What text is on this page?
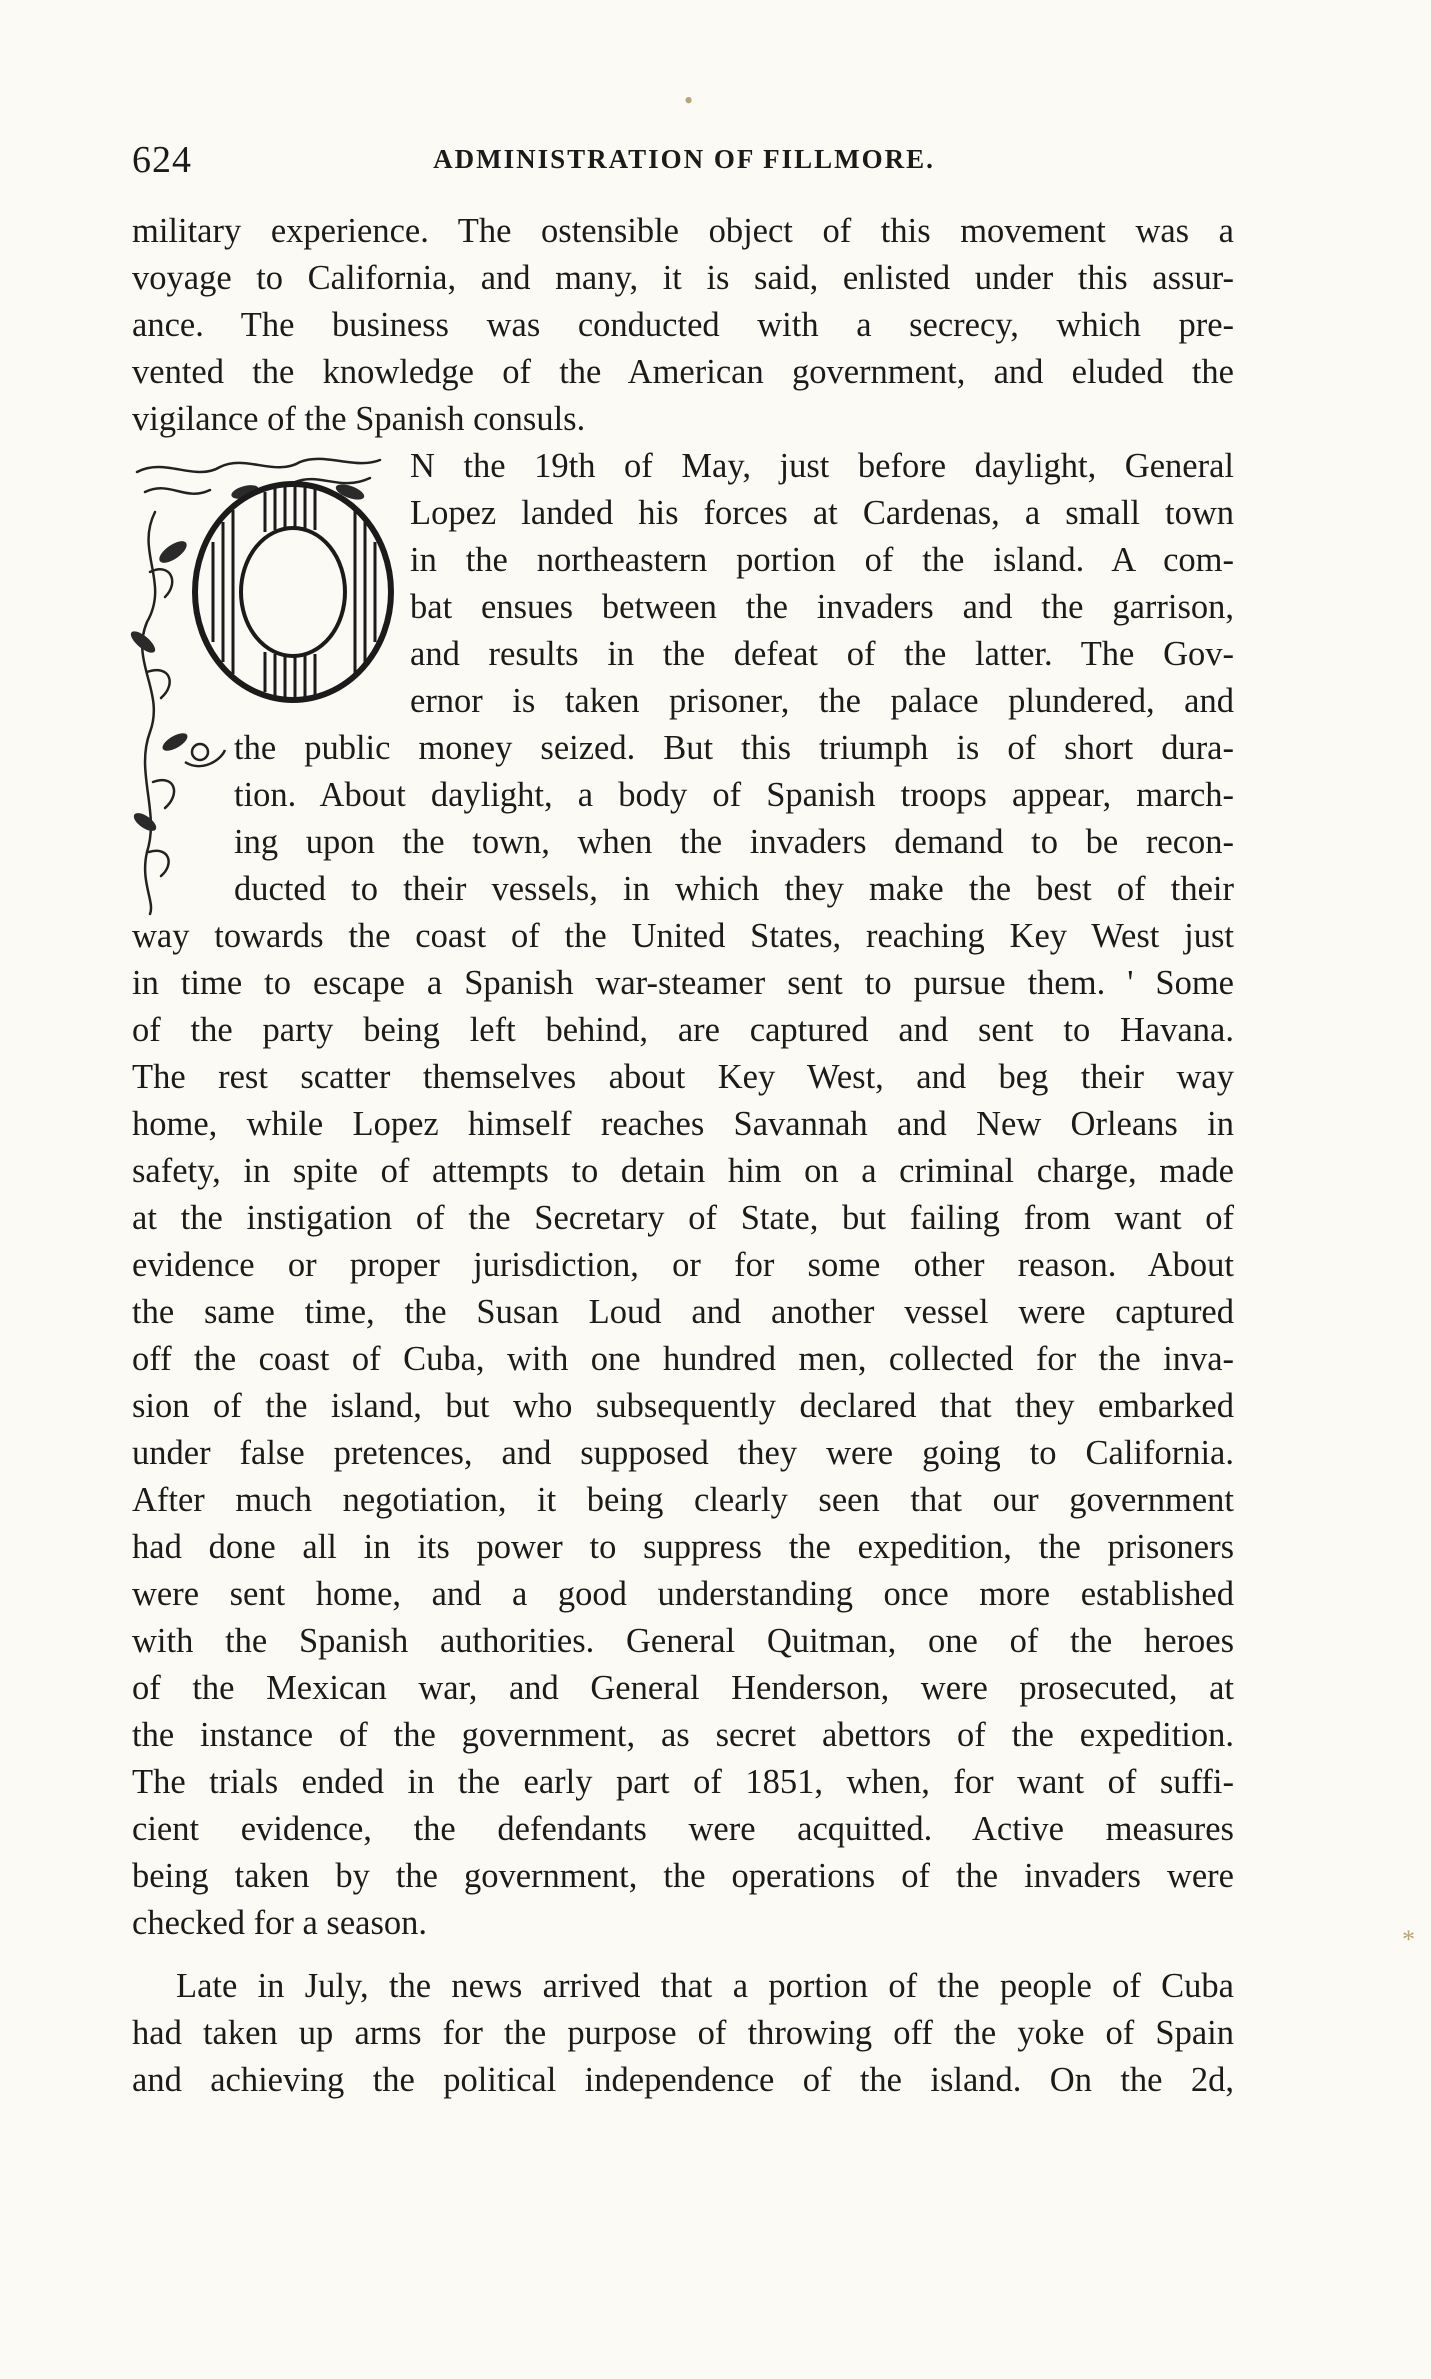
624	ADMINISTRATION OF FILLMORE.
military experience. The ostensible object of this movement was a
voyage to California, and many, it is said, enlisted under this assur-
ance. The business was conducted with a secrecy, which pre-
vented the knowledge of the American government, and eluded the
vigilance of the Spanish consuls.
N the 19th of May, just before daylight, General
Lopez landed his forces at Cardenas, a small town
in the northeastern portion of the island. A com-
bat ensues between the invaders and the garrison,
and results in the defeat of the latter. The Gov-
ernor is taken prisoner, the palace plundered, and
the public money seized. But this triumph is of short dura-
tion. About daylight, a body of Spanish troops appear, march-
ing upon the town, when the invaders demand to be recon-
ducted to their vessels, in which they make the best of their
way towards the coast of the United States, reaching Key West just
in time to escape a Spanish war-steamer sent to pursue them. ' Some
of the party being left behind, are captured and sent to Havana.
The rest scatter themselves about Key West, and beg their way
home, while Lopez himself reaches Savannah and New Orleans in
safety, in spite of attempts to detain him on a criminal charge, made
at the instigation of the Secretary of State, but failing from want of
evidence or proper jurisdiction, or for some other reason. About
the same time, the Susan Loud and another vessel were captured
off the coast of Cuba, with one hundred men, collected for the inva-
sion of the island, but who subsequently declared that they embarked
under false pretences, and supposed they were going to California.
After much negotiation, it being clearly seen that our government
had done all in its power to suppress the expedition, the prisoners
were sent home, and a good understanding once more established
with the Spanish authorities. General Quitman, one of the heroes
of the Mexican war, and General Henderson, were prosecuted, at
the instance of the government, as secret abettors of the expedition.
The trials ended in the early part of 1851, when, for want of suffi-
cient evidence, the defendants were acquitted. Active measures
being taken by the government, the operations of the invaders were
checked for a season.
Late in July, the news arrived that a portion of the people of Cuba
had taken up arms for the purpose of throwing off the yoke of Spain
and achieving the political independence of the island. On the 2d,
•
*
